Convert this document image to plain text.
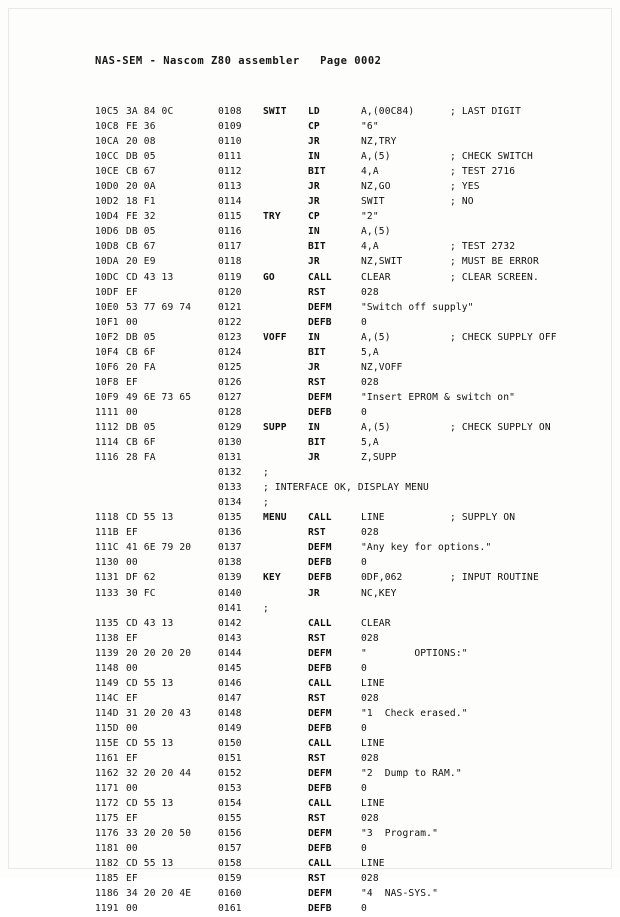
NAS-SEM - Nascom Z80 assembler   Page 0002
10C5 3A 84 0C	0108 SWIT LD	A,(00C84)	; LAST DIGIT
10C8 FE 36	0109	CP	"6"
10CA 20 08	0110	JR	NZ,TRY
10CC DB 05	0111	IN	A,(5)	; CHECK SWITCH
10CE CB 67	0112	BIT	4,A	; TEST 2716
10D0 20 0A	0113	JR	NZ,GO	; YES
10D2 18 F1	0114	JR	SWIT	; NO
10D4 FE 32	0115 TRY	CP	"2"
10D6 DB 05	0116	IN	A,(5)
10D8 CB 67	0117	BIT	4,A	; TEST 2732
10DA 20 E9	0118	JR	NZ,SWIT	; MUST BE ERROR
10DC CD 43 13	0119 GO	CALL	CLEAR	; CLEAR SCREEN.
10DF EF	0120	RST	028
10E0 53 77 69 74	0121	DEFM	"Switch off supply"
10F1 00	0122	DEFB	0
10F2 DB 05	0123 VOFF IN	A,(5)	; CHECK SUPPLY OFF
10F4 CB 6F	0124	BIT	5,A
10F6 20 FA	0125	JR	NZ,VOFF
10F8 EF	0126	RST	028
10F9 49 6E 73 65	0127	DEFM	"Insert EPROM & switch on"
1111 00	0128	DEFB	0
1112 DB 05	0129 SUPP IN	A,(5)	; CHECK SUPPLY ON
1114 CB 6F	0130	BIT	5,A
1116 28 FA	0131	JR	Z,SUPP
0132 ;
0133 ; INTERFACE OK, DISPLAY MENU
0134 ;
1118 CD 55 13	0135 MENU CALL	LINE	; SUPPLY ON
111B EF	0136	RST	028
111C 41 6E 79 20	0137	DEFM	"Any key for options."
1130 00	0138	DEFB	0
1131 DF 62	0139 KEY	DEFB	0DF,062	; INPUT ROUTINE
1133 30 FC	0140	JR	NC,KEY
0141 ;
1135 CD 43 13	0142	CALL	CLEAR
1138 EF	0143	RST	028
1139 20 20 20 20	0144	DEFM	"        OPTIONS:"
1148 00	0145	DEFB	0
1149 CD 55 13	0146	CALL	LINE
114C EF	0147	RST	028
114D 31 20 20 43	0148	DEFM	"1  Check erased."
115D 00	0149	DEFB	0
115E CD 55 13	0150	CALL	LINE
1161 EF	0151	RST	028
1162 32 20 20 44	0152	DEFM	"2  Dump to RAM."
1171 00	0153	DEFB	0
1172 CD 55 13	0154	CALL	LINE
1175 EF	0155	RST	028
1176 33 20 20 50	0156	DEFM	"3  Program."
1181 00	0157	DEFB	0
1182 CD 55 13	0158	CALL	LINE
1185 EF	0159	RST	028
1186 34 20 20 4E	0160	DEFM	"4  NAS-SYS."
1191 00	0161	DEFB	0
